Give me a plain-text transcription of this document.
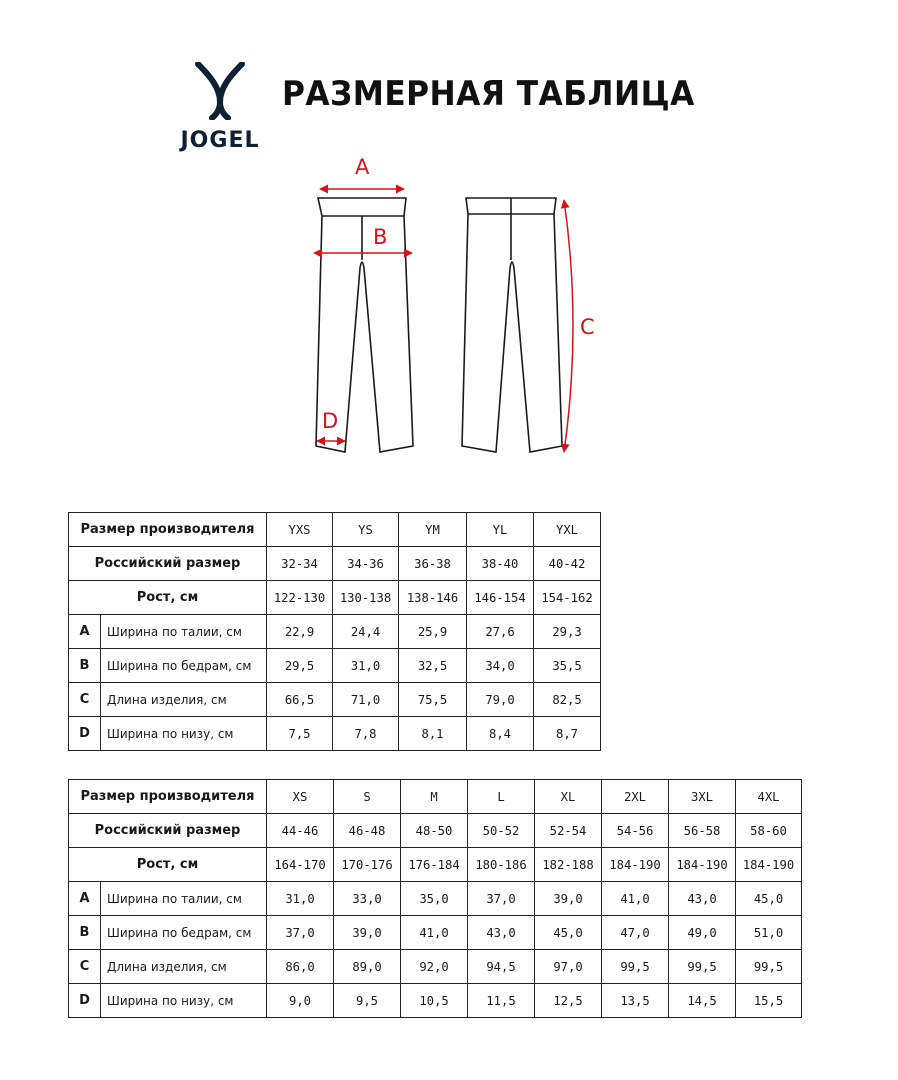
JOGEL
РАЗМЕРНАЯ ТАБЛИЦА
A
B
C
D
Размер производителя		YXS	YS	YM	YL	YXL
Российский размер		32-34	34-36	36-38	38-40	40-42
Рост, см		122-130	130-138	138-146	146-154	154-162
A	Ширина по талии, см	22,9	24,4	25,9	27,6	29,3
B	Ширина по бедрам, см	29,5	31,0	32,5	34,0	35,5
C	Длина изделия, см	66,5	71,0	75,5	79,0	82,5
D	Ширина по низу, см	7,5	7,8	8,1	8,4	8,7
Размер производителя		XS	S	M	L	XL	2XL	3XL	4XL
Российский размер		44-46	46-48	48-50	50-52	52-54	54-56	56-58	58-60
Рост, см		164-170	170-176	176-184	180-186	182-188	184-190	184-190	184-190
A	Ширина по талии, см	31,0	33,0	35,0	37,0	39,0	41,0	43,0	45,0
B	Ширина по бедрам, см	37,0	39,0	41,0	43,0	45,0	47,0	49,0	51,0
C	Длина изделия, см	86,0	89,0	92,0	94,5	97,0	99,5	99,5	99,5
D	Ширина по низу, см	9,0	9,5	10,5	11,5	12,5	13,5	14,5	15,5
